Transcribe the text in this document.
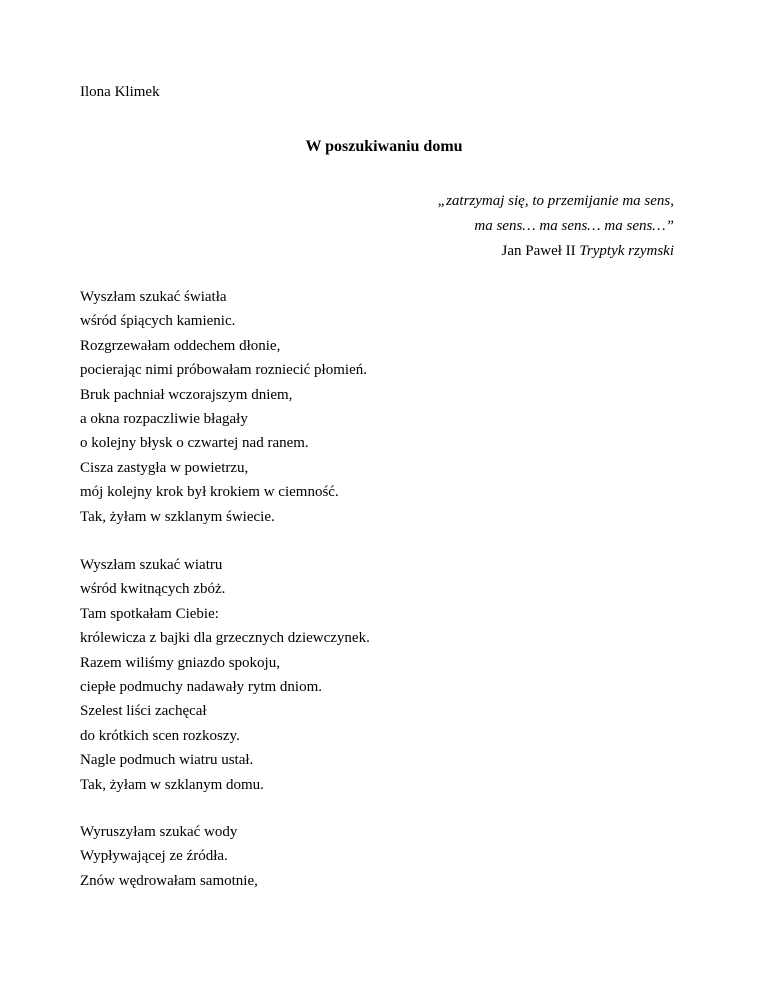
Ilona Klimek
W poszukiwaniu domu
„zatrzymaj się, to przemijanie ma sens,
ma sens… ma sens… ma sens…”
Jan Paweł II Tryptyk rzymski
Wyszłam szukać światła
wśród śpiących kamienic.
Rozgrzewałam oddechem dłonie,
pocierając nimi próbowałam rozniеcić płomień.
Bruk pachniał wczorajszym dniem,
a okna rozpaczliwie błagały
o kolejny błysk o czwartej nad ranem.
Cisza zastygła w powietrzu,
mój kolejny krok był krokiem w ciemność.
Tak, żyłam w szklanym świecie.
Wyszłam szukać wiatru
wśród kwitnących zbóż.
Tam spotkałam Ciebie:
królewicza z bajki dla grzecznych dziewczynek.
Razem wiliśmy gniazdo spokoju,
ciepłe podmuchy nadawały rytm dniom.
Szelest liści zachęcał
do krótkich scen rozkoszy.
Nagle podmuch wiatru ustał.
Tak, żyłam w szklanym domu.
Wyruszyłam szukać wody
Wypływającej ze źródła.
Znów wędrowałam samotnie,
